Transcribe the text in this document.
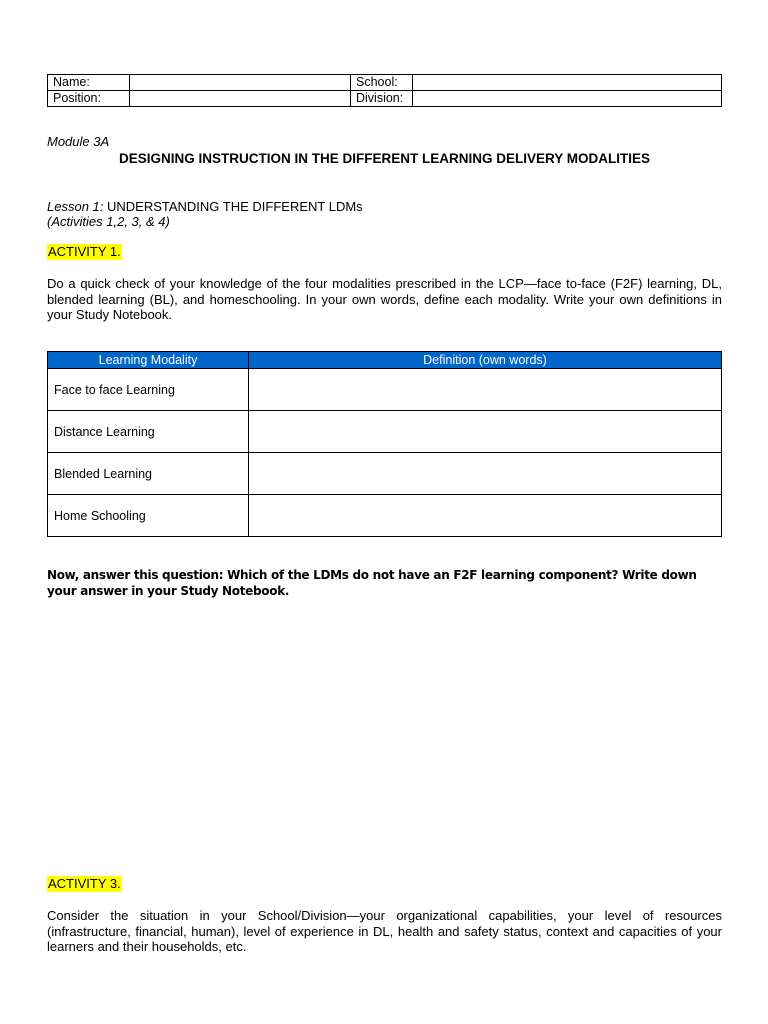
Name:		School:	
Position:		Division:	
Module 3A
DESIGNING INSTRUCTION IN THE DIFFERENT LEARNING DELIVERY MODALITIES
Lesson 1: UNDERSTANDING THE DIFFERENT LDMs
(Activities 1,2, 3, & 4)
ACTIVITY 1.
Do a quick check of your knowledge of the four modalities prescribed in the LCP—face to-face (F2F) learning, DL, blended learning (BL), and homeschooling. In your own words, define each modality. Write your own definitions in your Study Notebook.
Learning Modality	Definition (own words)
Face to face Learning	
Distance Learning	
Blended Learning	
Home Schooling	
Now, answer this question: Which of the LDMs do not have an F2F learning component? Write down your answer in your Study Notebook.
ACTIVITY 3.
Consider the situation in your School/Division—your organizational capabilities, your level of resources (infrastructure, financial, human), level of experience in DL, health and safety status, context and capacities of your learners and their households, etc.
